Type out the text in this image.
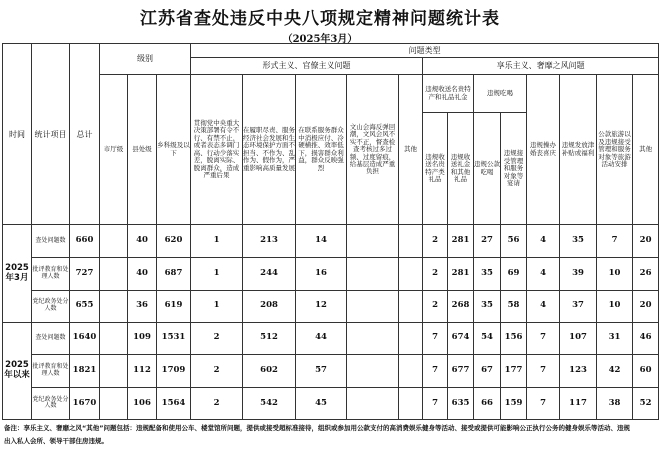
江苏省查处违反中央八项规定精神问题统计表
（2025年3月）
时间	统计项目	总计	级别			问题类型												
						形式主义、官僚主义问题					享乐主义、奢靡之风问题							
			市厅级	县处级	乡科级及以下	贯彻党中央重大决策部署有令不行、有禁不止，或者表态多调门高、行动少落实差，脱离实际、脱离群众，造成严重后果	在履职尽责、服务经济社会发展和生态环境保护方面不担当、不作为、乱作为、假作为，严重影响高质量发展	在联系服务群众中消极应付、冷硬横推、效率低下，损害群众利益，群众反映强烈	文山会海反弹回潮，文风会风不实不正，督查检查考核过多过频、过度留痕，给基层造成严重负担	其他	违规收送名贵特产和礼品礼金		违规吃喝		违规操办婚丧喜庆	违规发放津补贴或福利	公款旅游以及违规接受管理和服务对象等旅游活动安排	其他
											违规收送名贵特产类礼品	违规收送礼金和其他礼品	违规公款吃喝	违规接受管理和服务对象等宴请				

2025年3月	查处问题数	660		40	620	1	213	14			2	281	27	56	4	35	7	20
	批评教育和处理人数	727		40	687	1	244	16			2	281	35	69	4	39	10	26
	党纪政务处分人数	655		36	619	1	208	12			2	268	35	58	4	37	10	20
2025年以来	查处问题数	1640		109	1531	2	512	44			7	674	54	156	7	107	31	46
	批评教育和处理人数	1821		112	1709	2	602	57			7	677	67	177	7	123	42	60
	党纪政务处分人数	1670		106	1564	2	542	45			7	635	66	159	7	117	38	52
备注：享乐主义、奢靡之风“其他”问题包括：违规配备和使用公车、楼堂馆所问题，提供或接受超标准接待，组织或参加用公款支付的高消费娱乐健身等活动、接受或提供可能影响公正执行公务的健身娱乐等活动、违规出入私人会所、领导干部住房违规。
